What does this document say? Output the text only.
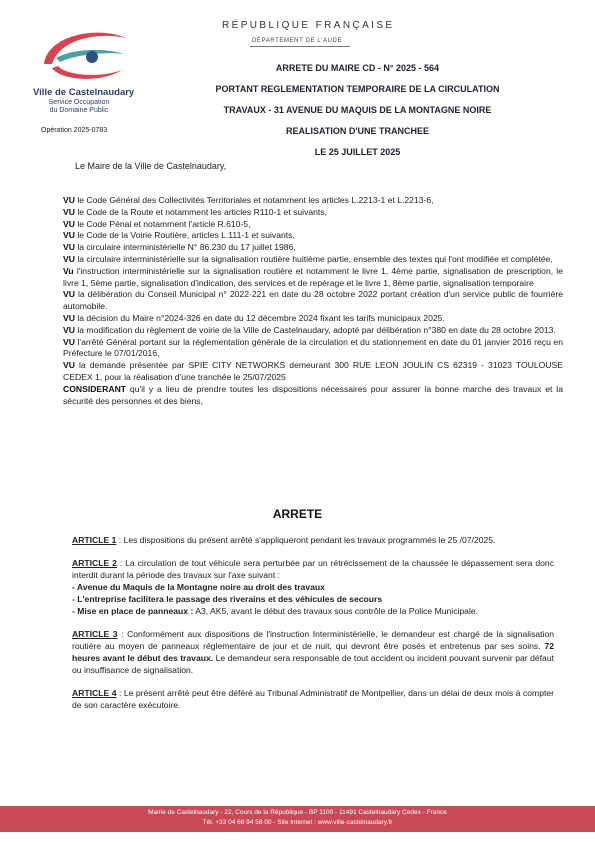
RÉPUBLIQUE FRANÇAISE
DÉPARTEMENT DE L'AUDE
Ville de Castelnaudary
Service Occupation
du Domaine Public
Opération 2025-0783
ARRETE DU MAIRE CD - N° 2025 - 564
PORTANT REGLEMENTATION TEMPORAIRE DE LA CIRCULATION
TRAVAUX - 31 AVENUE DU MAQUIS DE LA MONTAGNE NOIRE
REALISATION D'UNE TRANCHEE
LE 25 JUILLET 2025
Le Maire de la Ville de Castelnaudary,

VU le Code Général des Collectivités Territoriales et notamment les articles L.2213-1 et L.2213-6,

VU le Code de la Route et notamment les articles R110-1 et suivants,

VU le Code Pénal et notamment l'article R.610-5,

VU le Code de la Voirie Routière, articles L.111-1 et suivants,

VU la circulaire interministérielle N° 86.230 du 17 juillet 1986,

VU la circulaire interministérielle sur la signalisation routière huitième partie, ensemble des textes qui l'ont modifiée et complétée,

Vu l'instruction interministérielle sur la signalisation routière et notamment le livre 1, 4ème partie, signalisation de prescription, le livre 1, 5ème partie, signalisation d'indication, des services et de repérage et le livre 1, 8ème partie, signalisation temporaire

VU la délibération du Conseil Municipal n° 2022-221 en date du 28 octobre 2022 portant création d'un service public de fourrière automobile.

VU la décision du Maire n°2024-326 en date du 12 décembre 2024 fixant les tarifs municipaux 2025.

VU la modification du règlement de voirie de la Ville de Castelnaudary, adopté par délibération n°380 en date du 28 octobre 2013.

VU l'arrêté Général portant sur la réglementation générale de la circulation et du stationnement en date du 01 janvier 2016 reçu en Préfecture le 07/01/2016,

VU la demande présentée par SPIE CITY NETWORKS demeurant 300 RUE LEON JOULIN CS 62319 - 31023 TOULOUSE CEDEX 1, pour la réalisation d'une tranchée le 25/07/2025

CONSIDERANT qu'il y a lieu de prendre toutes les dispositions nécessaires pour assurer la bonne marche des travaux et la sécurité des personnes et des biens,

ARRETE
ARTICLE 1 : Les dispositions du présent arrêté s'appliqueront pendant les travaux programmés le 25 /07/2025.
ARTICLE 2 : La circulation de tout véhicule sera perturbée par un rétrécissement de la chaussée le dépassement sera donc interdit durant la période des travaux sur l'axe suivant :

- Avenue du Maquis de la Montagne noire au droit des travaux

- L'entreprise facilitera le passage des riverains et des véhicules de secours

- Mise en place de panneaux : A3, AK5, avant le début des travaux sous contrôle de la Police Municipale.

ARTICLE 3 : Conformément aux dispositions de l'instruction Interministérielle, le demandeur est chargé de la signalisation routière au moyen de panneaux réglementaire de jour et de nuit, qui devront être posés et entretenus par ses soins. 72 heures avant le début des travaux. Le demandeur sera responsable de tout accident ou incident pouvant survenir par défaut ou insuffisance de signalisation.
ARTICLE 4 : Le présent arrêté peut être déféré au Tribunal Administratif de Montpellier, dans un délai de deux mois à compter de son caractère exécutoire.
Mairie de Castelnaudary - 22, Cours de la République - BP 1100 - 11491 Castelnaudary Cedex - France
Tél. +33 04 68 94 58 00 - Site Internet : www.ville-castelnaudary.fr
